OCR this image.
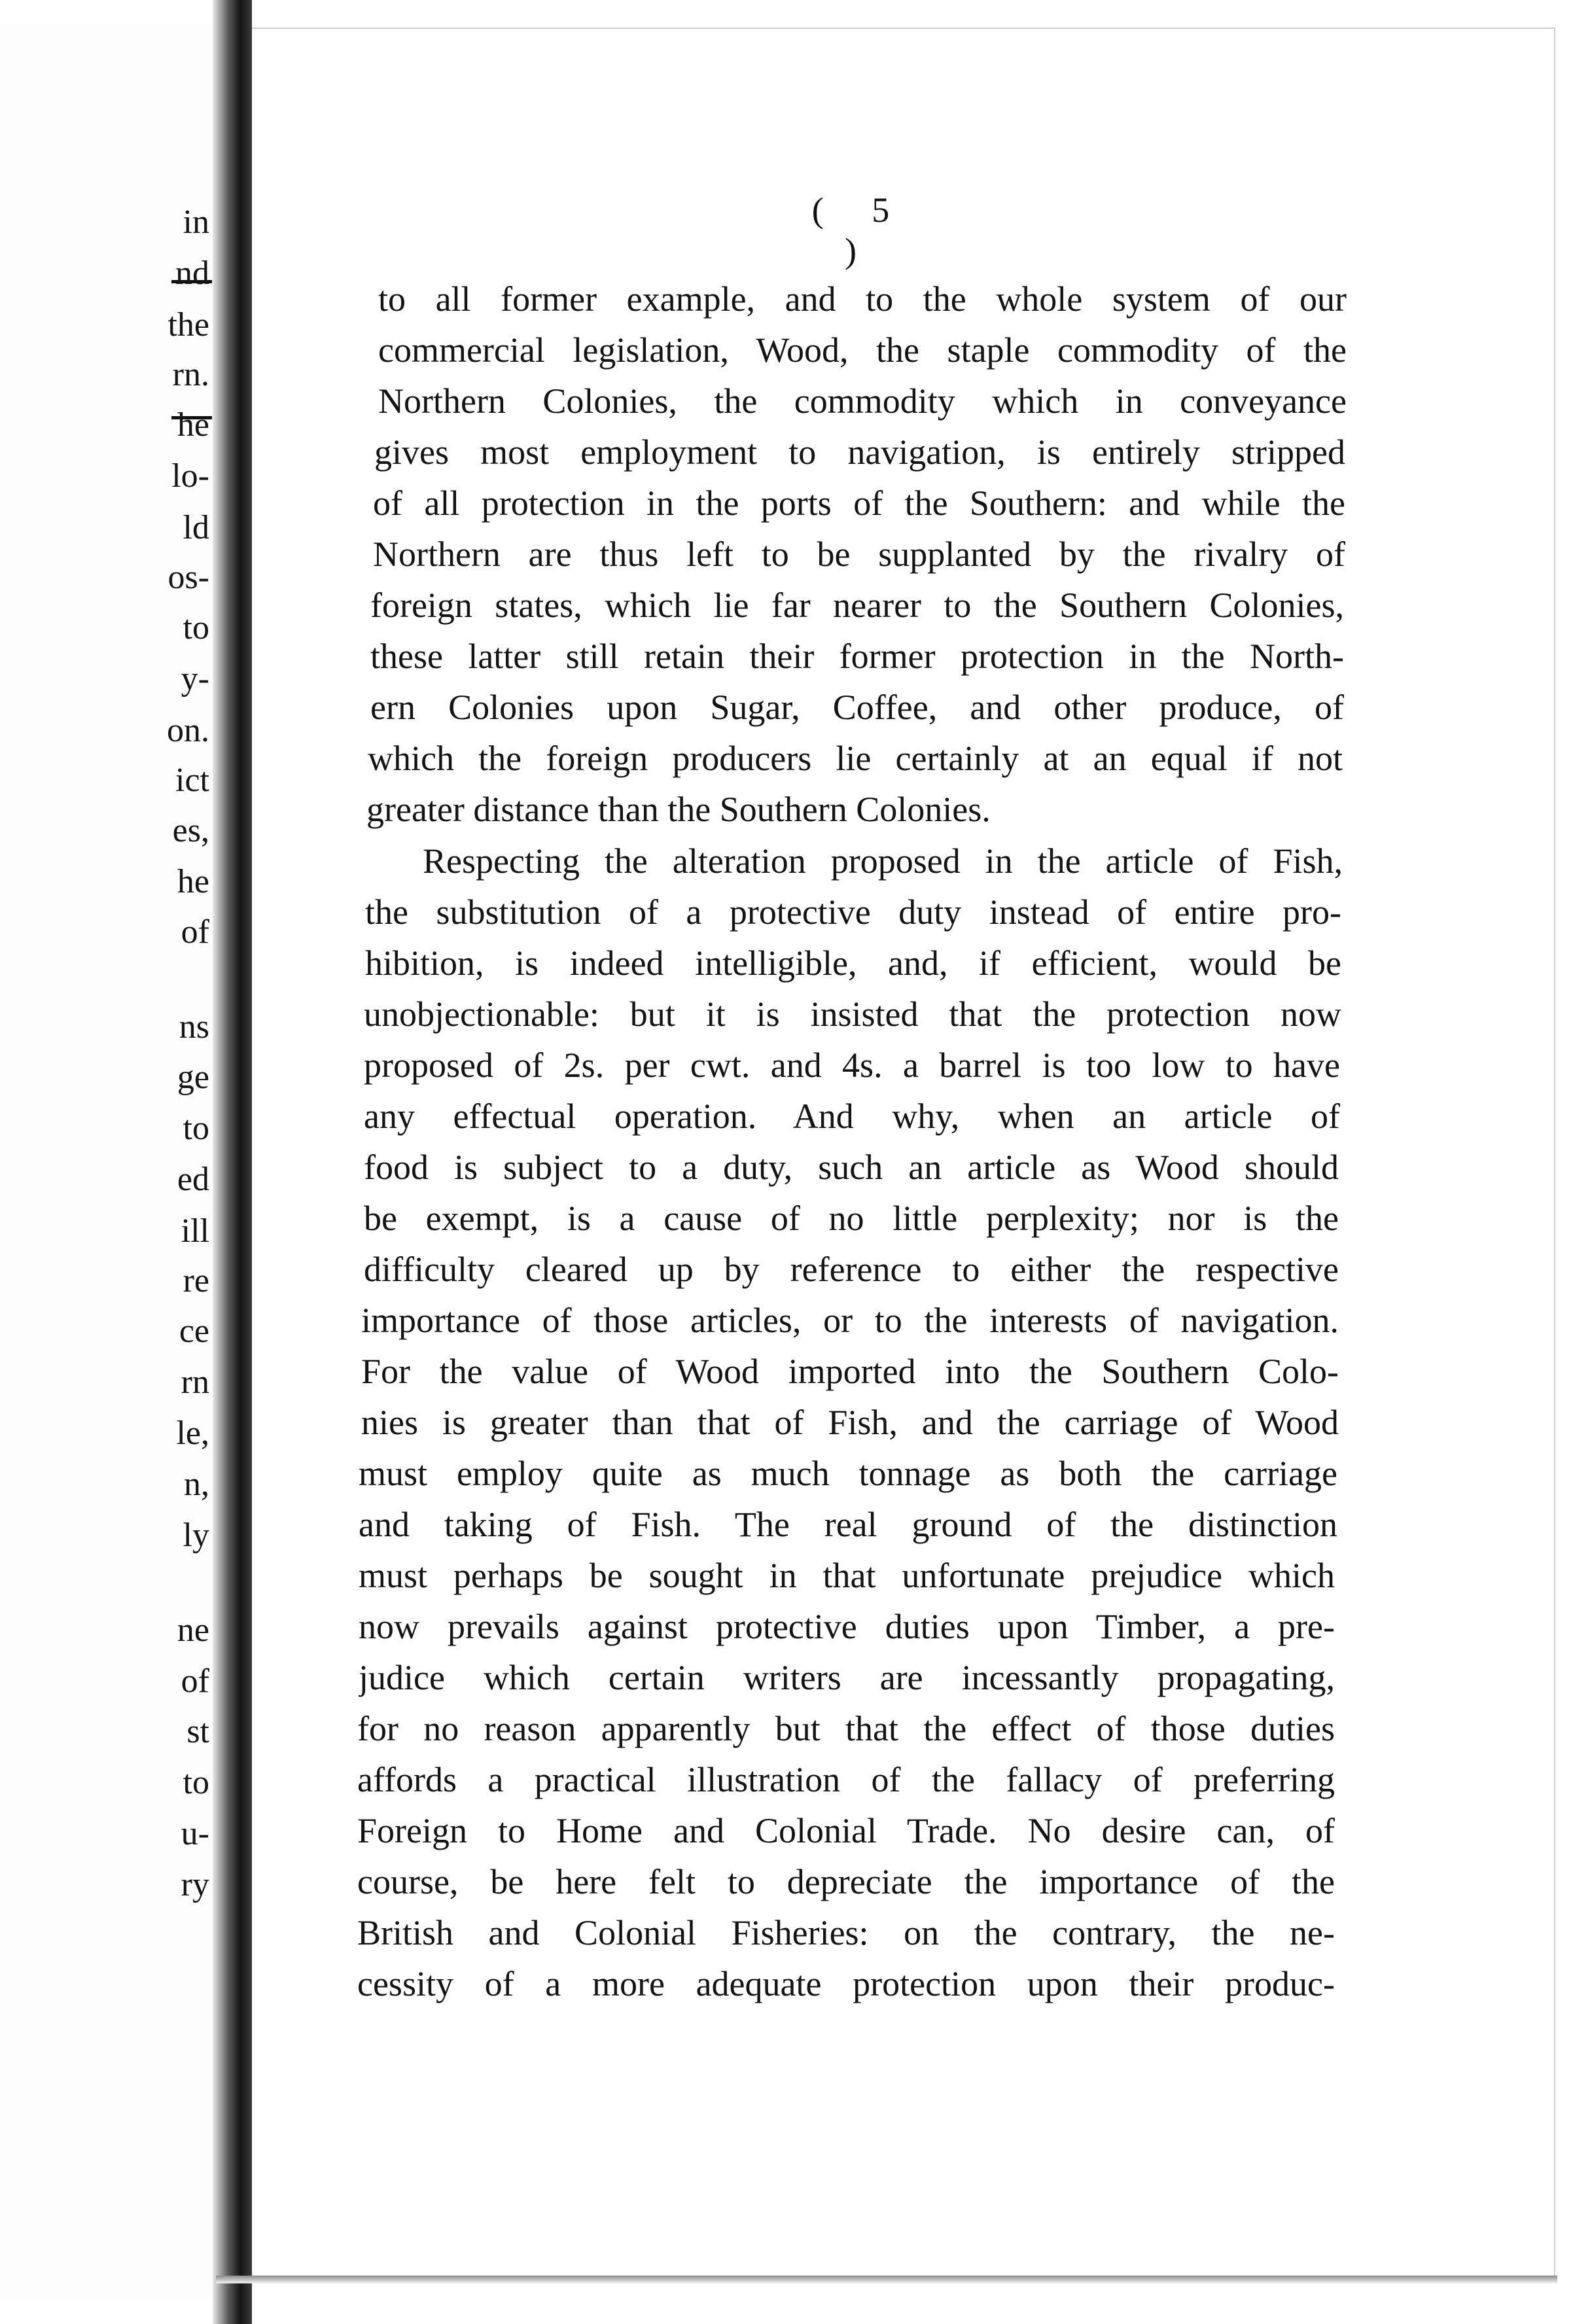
in
nd
the
rn.
he
lo-
ld
os-
to
y-
on.
ict
es,
he
of
ns
ge
to
ed
ill
re
ce
rn
le,
n,
ly
ne
of
st
to
u-
ry
( 5 )
to all former example, and to the whole system of our
commercial legislation, Wood, the staple commodity of the
Northern Colonies, the commodity which in conveyance
gives most employment to navigation, is entirely stripped
of all protection in the ports of the Southern: and while the
Northern are thus left to be supplanted by the rivalry of
foreign states, which lie far nearer to the Southern Colonies,
these latter still retain their former protection in the North-
ern Colonies upon Sugar, Coffee, and other produce, of
which the foreign producers lie certainly at an equal if not
greater distance than the Southern Colonies.
Respecting the alteration proposed in the article of Fish,
the substitution of a protective duty instead of entire pro-
hibition, is indeed intelligible, and, if efficient, would be
unobjectionable: but it is insisted that the protection now
proposed of 2s. per cwt. and 4s. a barrel is too low to have
any effectual operation. And why, when an article of
food is subject to a duty, such an article as Wood should
be exempt, is a cause of no little perplexity; nor is the
difficulty cleared up by reference to either the respective
importance of those articles, or to the interests of navigation.
For the value of Wood imported into the Southern Colo-
nies is greater than that of Fish, and the carriage of Wood
must employ quite as much tonnage as both the carriage
and taking of Fish. The real ground of the distinction
must perhaps be sought in that unfortunate prejudice which
now prevails against protective duties upon Timber, a pre-
judice which certain writers are incessantly propagating,
for no reason apparently but that the effect of those duties
affords a practical illustration of the fallacy of preferring
Foreign to Home and Colonial Trade. No desire can, of
course, be here felt to depreciate the importance of the
British and Colonial Fisheries: on the contrary, the ne-
cessity of a more adequate protection upon their produc-
